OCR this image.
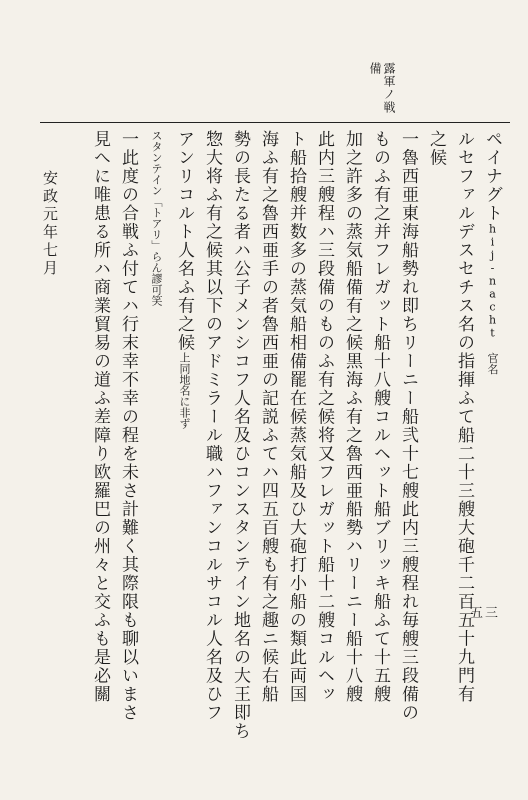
露軍ノ戦
備
ペイナグトhij-nacht 官名
ルセファルデスセチス名の指揮ふて船二十三艘大砲千二百五十九門有
之候
一魯西亜東海船勢れ即ちリーニー船弐十七艘此内三艘程れ毎艘三段備の
ものふ有之并フレガット船十八艘コルヘット船ブリッキ船ふて十五艘
加之許多の蒸気船備有之候黒海ふ有之魯西亜船勢ハリーニー船十八艘
此内三艘程ハ三段備のものふ有之候将又フレガット船十二艘コルヘッ
ト船拾艘并数多の蒸気船相備罷在候蒸気船及ひ大砲打小船の類此両国
海ふ有之魯西亜手の者魯西亜の記説ふてハ四五百艘も有之趣ニ候右船
勢の長たる者ハ公子メンシコフ人名及ひコンスタンテイン地名の大王即ち
惣大将ふ有之候其以下のアドミラール職ハファンコルサコル人名及ひフ
アンリコルト人名ふ有之候上同地名に非ず
スタンテイン「トアリ」らん謬可笑
一此度の合戦ふ付てハ行末幸不幸の程を未さ計難く其際限も聊以いまさ
見へに唯患る所ハ商業貿易の道ふ差障り欧羅巴の州々と交ふも是必關
安政元年七月
五三
